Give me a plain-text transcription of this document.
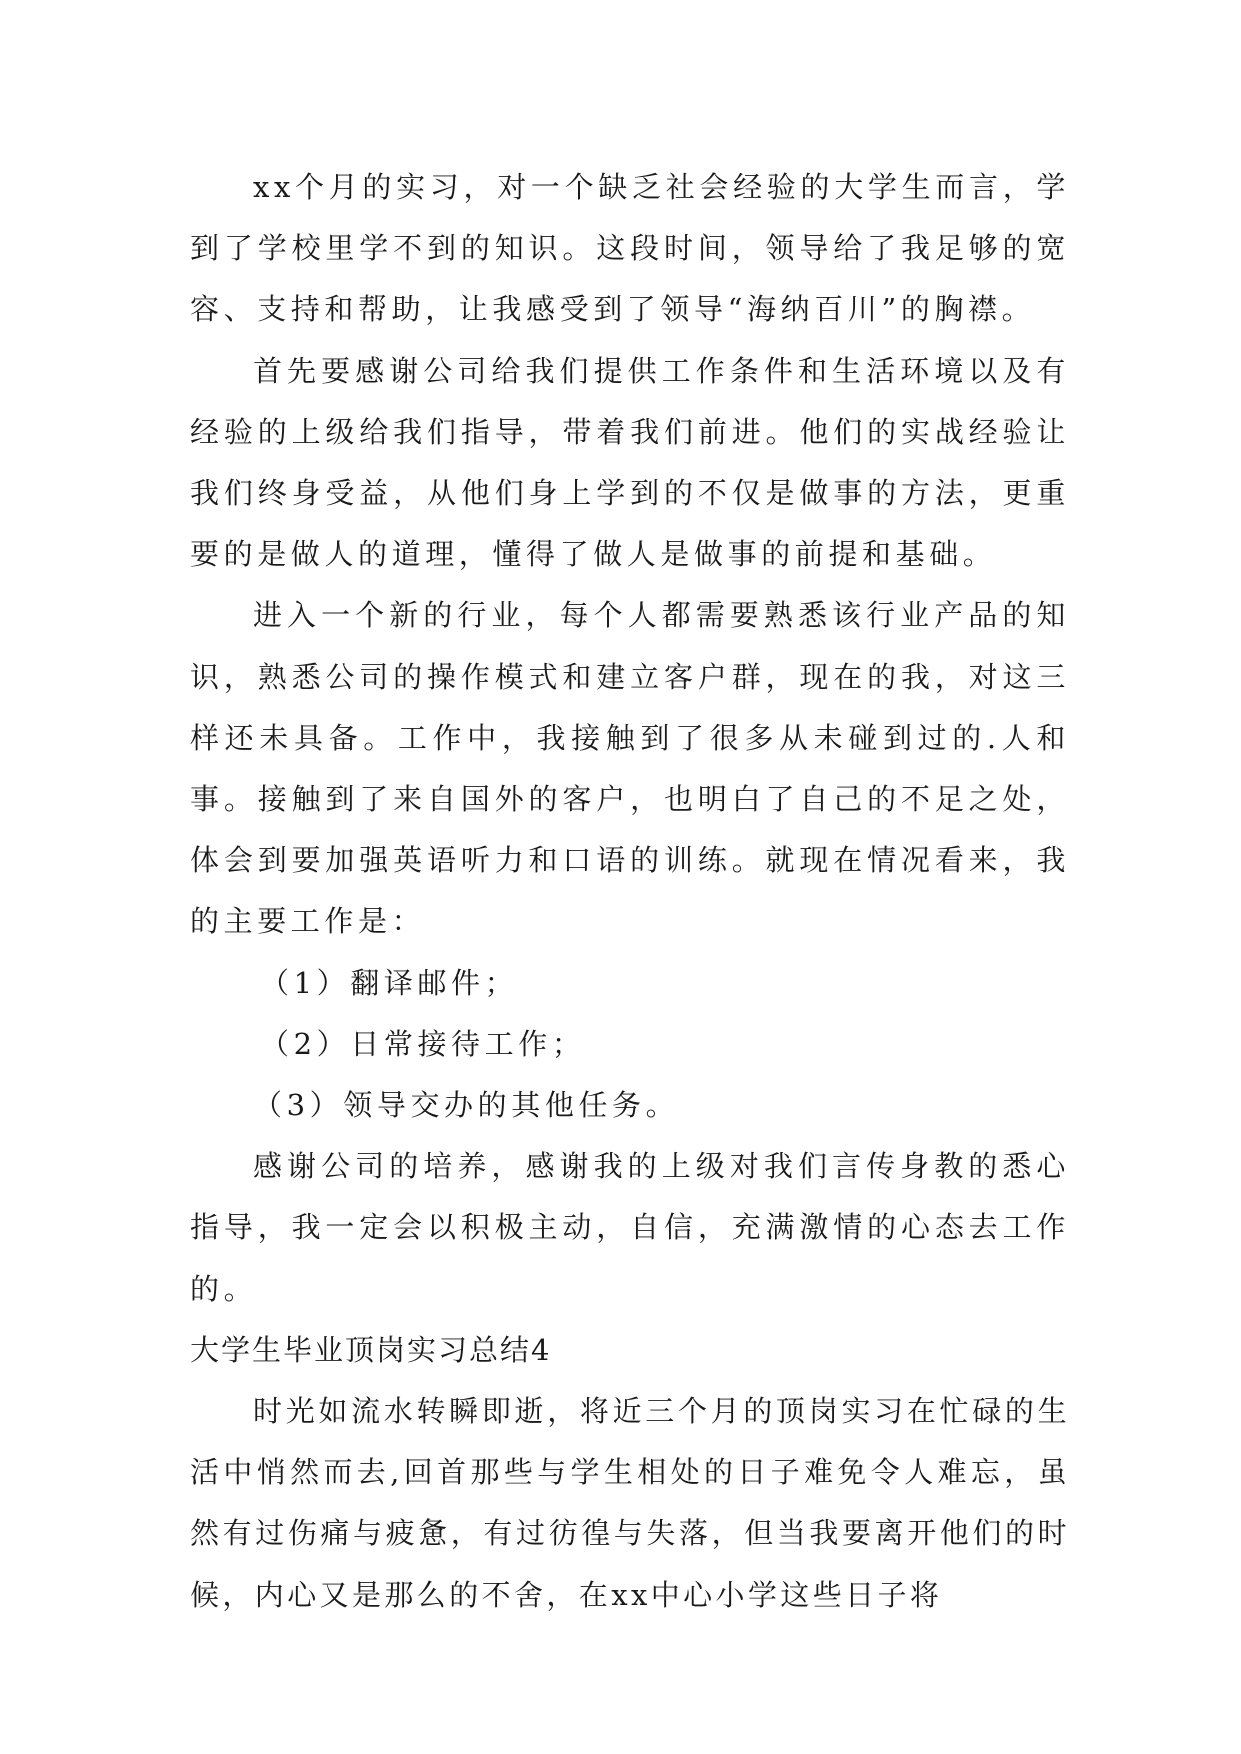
xx个月的实习，对一个缺乏社会经验的大学生而言，学到了学校里学不到的知识。这段时间，领导给了我足够的宽容、支持和帮助，让我感受到了领导“海纳百川”的胸襟。

首先要感谢公司给我们提供工作条件和生活环境以及有经验的上级给我们指导，带着我们前进。他们的实战经验让我们终身受益，从他们身上学到的不仅是做事的方法，更重要的是做人的道理，懂得了做人是做事的前提和基础。

进入一个新的行业，每个人都需要熟悉该行业产品的知识，熟悉公司的操作模式和建立客户群，现在的我，对这三样还未具备。工作中，我接触到了很多从未碰到过的.人和事。接触到了来自国外的客户，也明白了自己的不足之处，体会到要加强英语听力和口语的训练。就现在情况看来，我的主要工作是：

（1）翻译邮件；

（2）日常接待工作；

（3）领导交办的其他任务。

感谢公司的培养，感谢我的上级对我们言传身教的悉心指导，我一定会以积极主动，自信，充满激情的心态去工作的。

大学生毕业顶岗实习总结4

时光如流水转瞬即逝，将近三个月的顶岗实习在忙碌的生活中悄然而去,回首那些与学生相处的日子难免令人难忘，虽然有过伤痛与疲惫，有过彷徨与失落，但当我要离开他们的时候，内心又是那么的不舍，在xx中心小学这些日子将
